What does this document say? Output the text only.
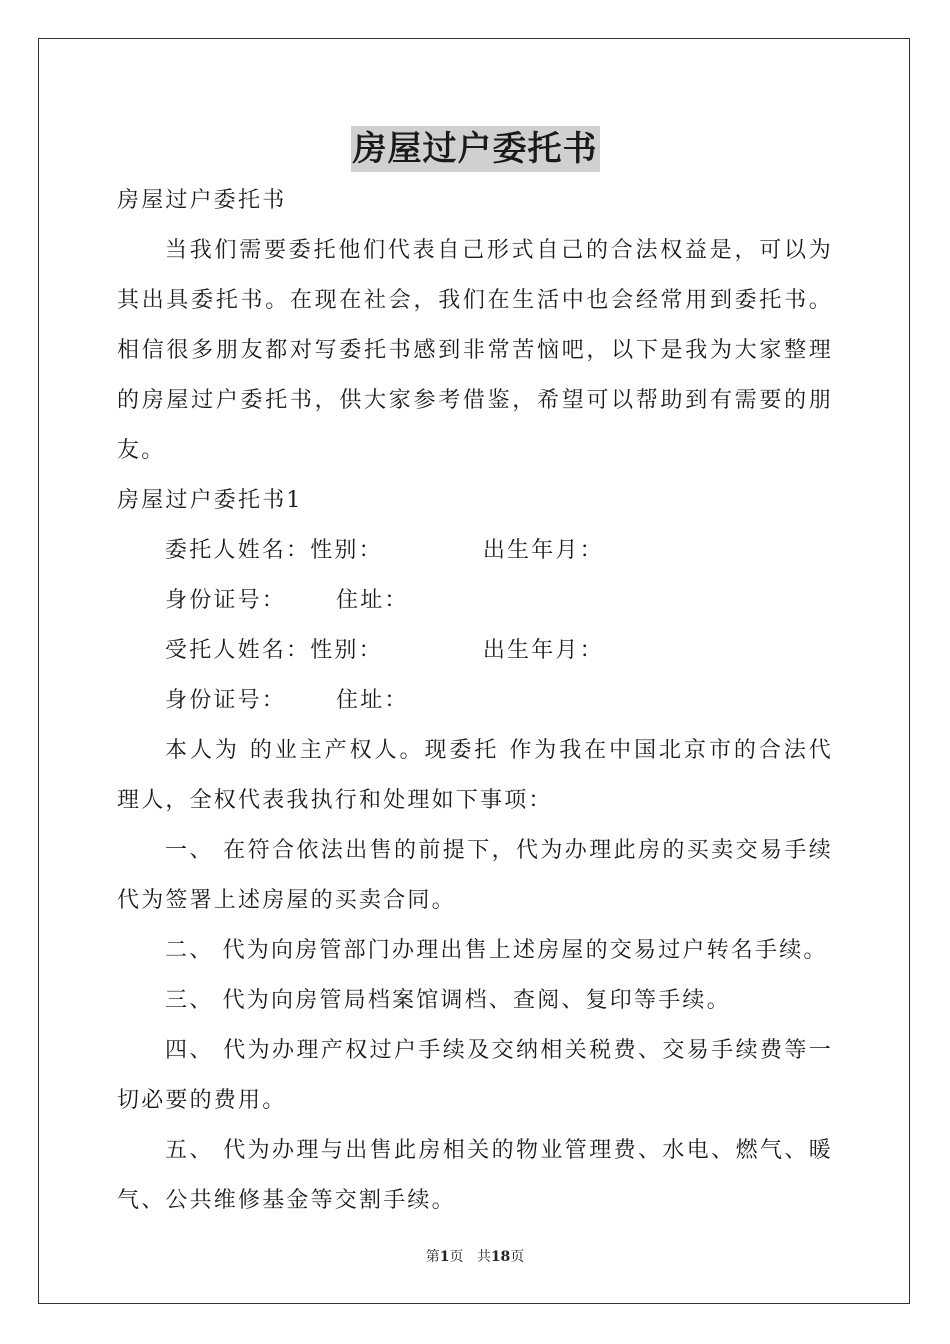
房屋过户委托书
房屋过户委托书

当我们需要委托他们代表自己形式自己的合法权益是，可以为其出具委托书。在现在社会，我们在生活中也会经常用到委托书。相信很多朋友都对写委托书感到非常苦恼吧，以下是我为大家整理的房屋过户委托书，供大家参考借鉴，希望可以帮助到有需要的朋友。

房屋过户委托书1
委托人姓名：性别：	出生年月：
身份证号： 住址：
受托人姓名：性别：	出生年月：
身份证号： 住址：

本人为 的业主产权人。现委托 作为我在中国北京市的合法代理人，全权代表我执行和处理如下事项：

一、 在符合依法出售的前提下，代为办理此房的买卖交易手续代为签署上述房屋的买卖合同。

二、 代为向房管部门办理出售上述房屋的交易过户转名手续。

三、 代为向房管局档案馆调档、查阅、复印等手续。

四、 代为办理产权过户手续及交纳相关税费、交易手续费等一切必要的费用。

五、 代为办理与出售此房相关的物业管理费、水电、燃气、暖气、公共维修基金等交割手续。

第1页 共18页
